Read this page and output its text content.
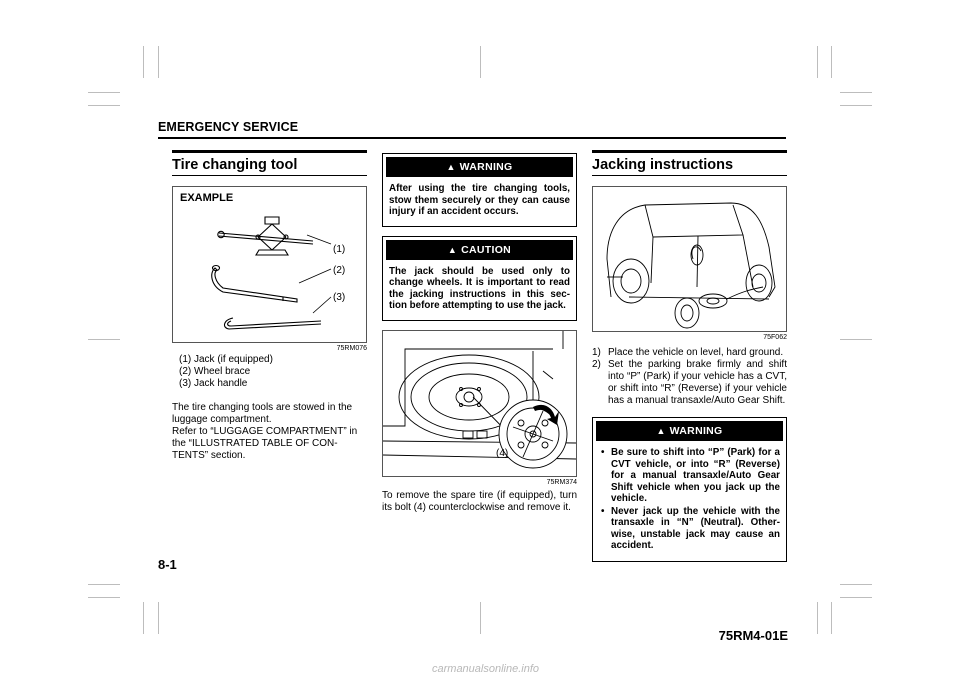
EMERGENCY SERVICE
Tire changing tool
EXAMPLE
(1)
(2)
(3)
75RM076
(1) Jack (if equipped)
(2) Wheel brace
(3) Jack handle

The tire changing tools are stowed in the

luggage compartment.

Refer to “LUGGAGE COMPARTMENT” in

the “ILLUSTRATED TABLE OF CON-

TENTS” section.

▲ WARNING
After using the tire changing tools, stow them securely or they can cause injury if an accident occurs.
▲ CAUTION
The jack should be used only to change wheels. It is important to read the jacking instructions in this sec- tion before attempting to use the jack.
(4)
75RM374
To remove the spare tire (if equipped), turn its bolt (4) counterclockwise and remove it.
Jacking instructions
75F062
1) Place the vehicle on level, hard ground.
2) Set the parking brake firmly and shift into “P” (Park) if your vehicle has a CVT, or shift into “R” (Reverse) if your vehicle has a manual transaxle/Auto Gear Shift.
▲ WARNING
• Be sure to shift into “P” (Park) for a CVT vehicle, or into “R” (Reverse) for a manual transaxle/Auto Gear Shift vehicle when you jack up the vehicle.
• Never jack up the vehicle with the transaxle in “N” (Neutral). Other- wise, unstable jack may cause an accident.
8-1
75RM4-01E
carmanualsonline.info
